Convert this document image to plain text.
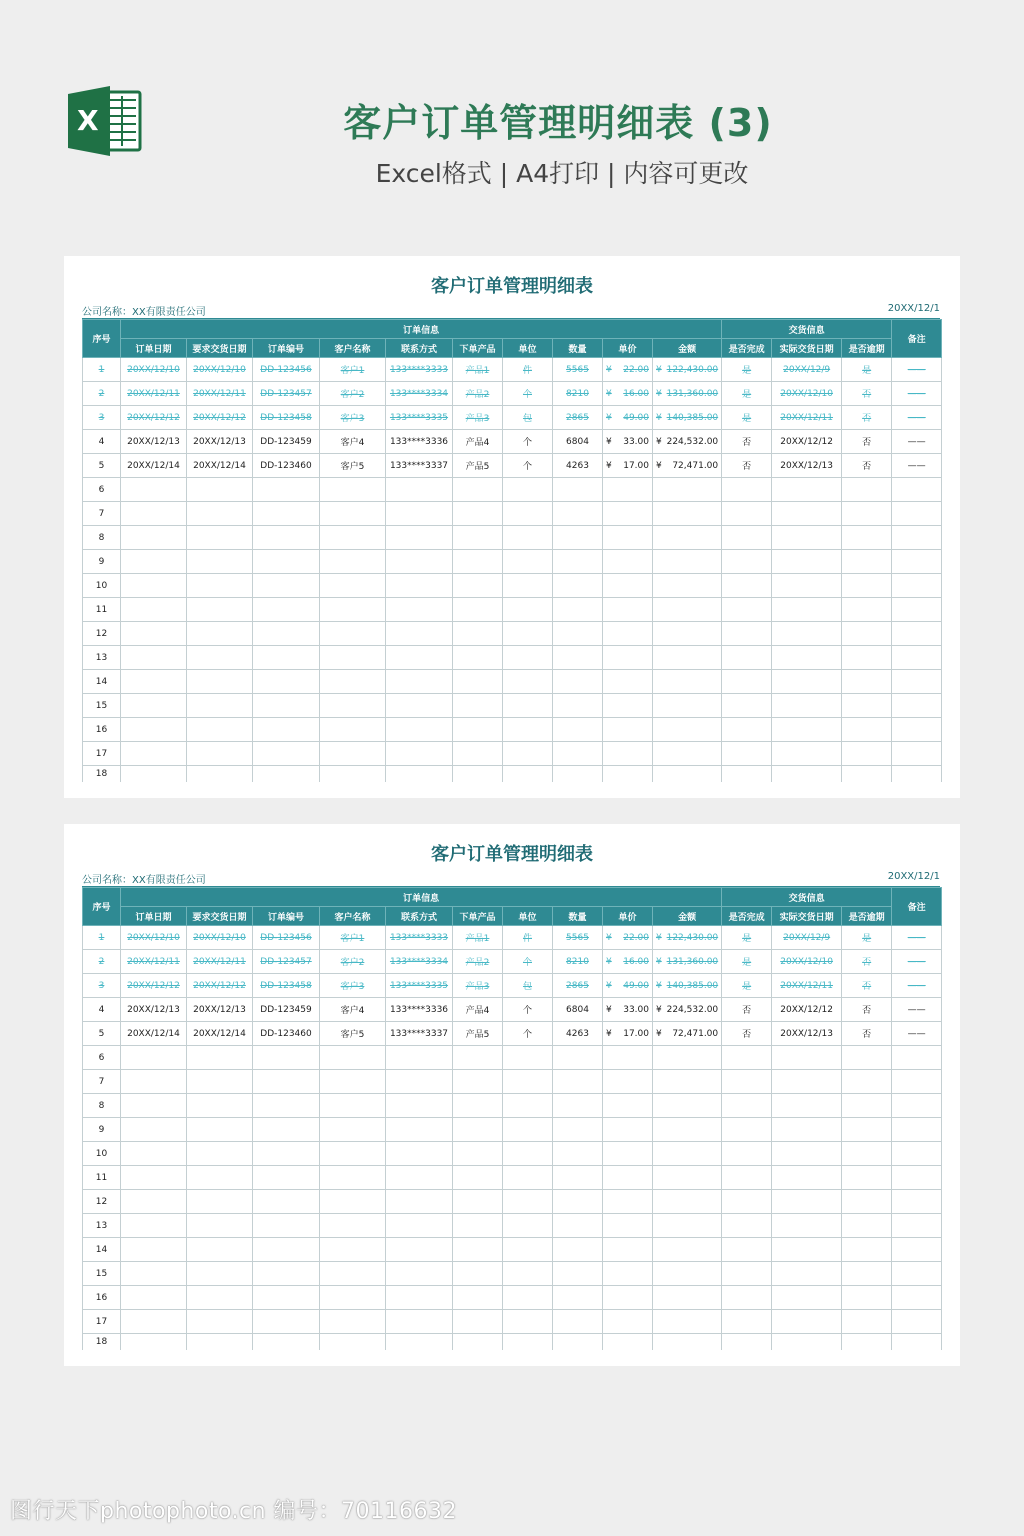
X	客户订单管理明细表 (3)
Excel格式 | A4打印 | 内容可更改
客户订单管理明细表
公司名称：XX有限责任公司	20XX/12/1
序号	订单信息										交货信息			备注
	订单日期	要求交货日期	订单编号	客户名称	联系方式	下单产品	单位	数量	单价	金额	是否完成	实际交货日期	是否逾期	
1	20XX/12/10	20XX/12/10	DD-123456	客户1	133****3333	产品1	件	5565	¥ 22.00	¥ 122,430.00	是	20XX/12/9	是	——
2	20XX/12/11	20XX/12/11	DD-123457	客户2	133****3334	产品2	个	8210	¥ 16.00	¥ 131,360.00	是	20XX/12/10	否	——
3	20XX/12/12	20XX/12/12	DD-123458	客户3	133****3335	产品3	包	2865	¥ 49.00	¥ 140,385.00	是	20XX/12/11	否	——
4	20XX/12/13	20XX/12/13	DD-123459	客户4	133****3336	产品4	个	6804	¥ 33.00	¥ 224,532.00	否	20XX/12/12	否	——
5	20XX/12/14	20XX/12/14	DD-123460	客户5	133****3337	产品5	个	4263	¥ 17.00	¥ 72,471.00	否	20XX/12/13	否	——
6														
7														
8														
9														
10														
11														
12														
13														
14														
15														
16														
17														
18														
客户订单管理明细表
公司名称：XX有限责任公司	20XX/12/1
序号	订单信息										交货信息			备注
	订单日期	要求交货日期	订单编号	客户名称	联系方式	下单产品	单位	数量	单价	金额	是否完成	实际交货日期	是否逾期	
1	20XX/12/10	20XX/12/10	DD-123456	客户1	133****3333	产品1	件	5565	¥ 22.00	¥ 122,430.00	是	20XX/12/9	是	——
2	20XX/12/11	20XX/12/11	DD-123457	客户2	133****3334	产品2	个	8210	¥ 16.00	¥ 131,360.00	是	20XX/12/10	否	——
3	20XX/12/12	20XX/12/12	DD-123458	客户3	133****3335	产品3	包	2865	¥ 49.00	¥ 140,385.00	是	20XX/12/11	否	——
4	20XX/12/13	20XX/12/13	DD-123459	客户4	133****3336	产品4	个	6804	¥ 33.00	¥ 224,532.00	否	20XX/12/12	否	——
5	20XX/12/14	20XX/12/14	DD-123460	客户5	133****3337	产品5	个	4263	¥ 17.00	¥ 72,471.00	否	20XX/12/13	否	——
6														
7														
8														
9														
10														
11														
12														
13														
14														
15														
16														
17														
18														
图行天下photophoto.cn 编号：70116632
